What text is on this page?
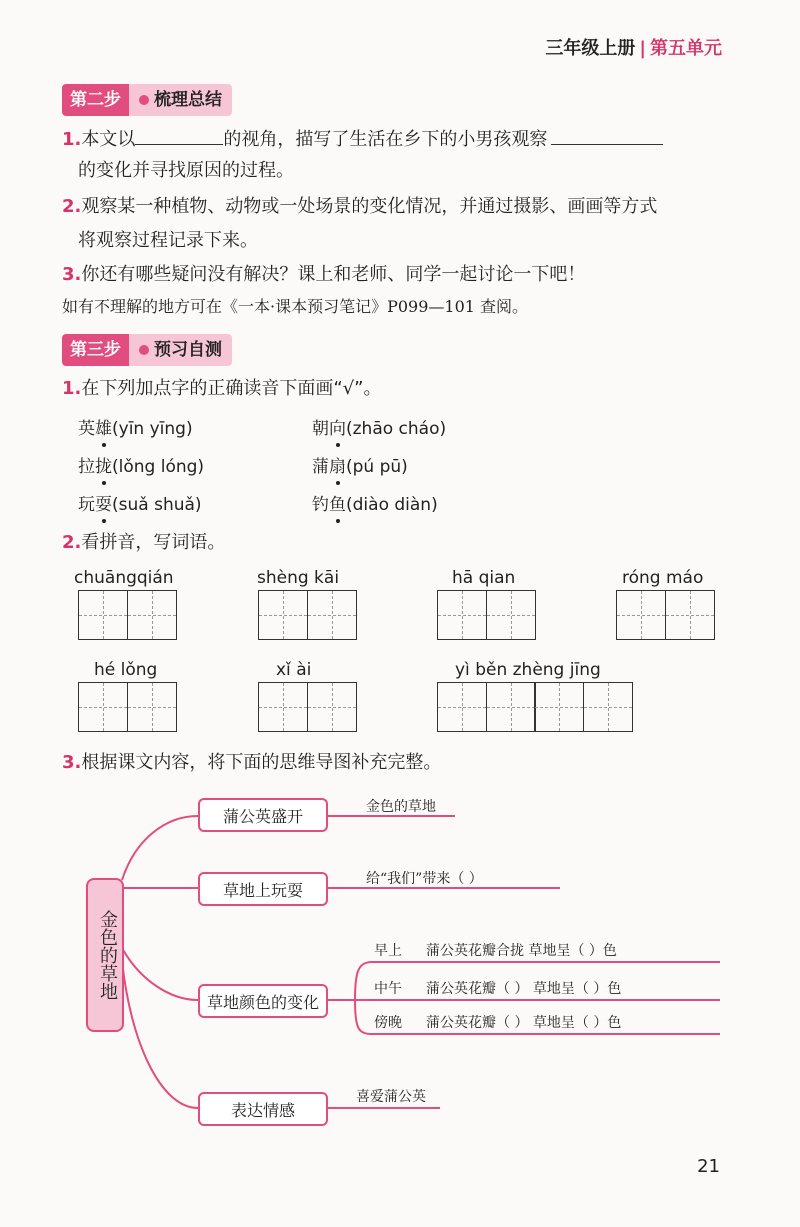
三年级上册 | 第五单元
第二步	梳理总结
1.本文以	的视角，描写了生活在乡下的小男孩观察
的变化并寻找原因的过程。
2.观察某一种植物、动物或一处场景的变化情况，并通过摄影、画画等方式
将观察过程记录下来。
3.你还有哪些疑问没有解决？课上和老师、同学一起讨论一下吧！
如有不理解的地方可在《一本·课本预习笔记》P099—101 查阅。
第三步	预习自测
1.在下列加点字的正确读音下面画“√”。
英雄(yīn yīng)	朝向(zhāo cháo)
拉拢(lǒng lóng)	蒲扇(pú pū)
玩耍(suǎ shuǎ)	钓鱼(diào diàn)
2.看拼音，写词语。
chuāngqián	shèng kāi	hā qian	róng máo
hé lǒng	xǐ ài	yì běn zhèng jīng
3.根据课文内容，将下面的思维导图补充完整。
金色的草地
蒲公英盛开	金色的草地
草地上玩耍
给“我们”带来（ ）
草地颜色的变化
早上 蒲公英花瓣合拢 草地呈（ ）色
中午 蒲公英花瓣（ ） 草地呈（ ）色
傍晚 蒲公英花瓣（ ） 草地呈（ ）色
表达情感
喜爱蒲公英
21
